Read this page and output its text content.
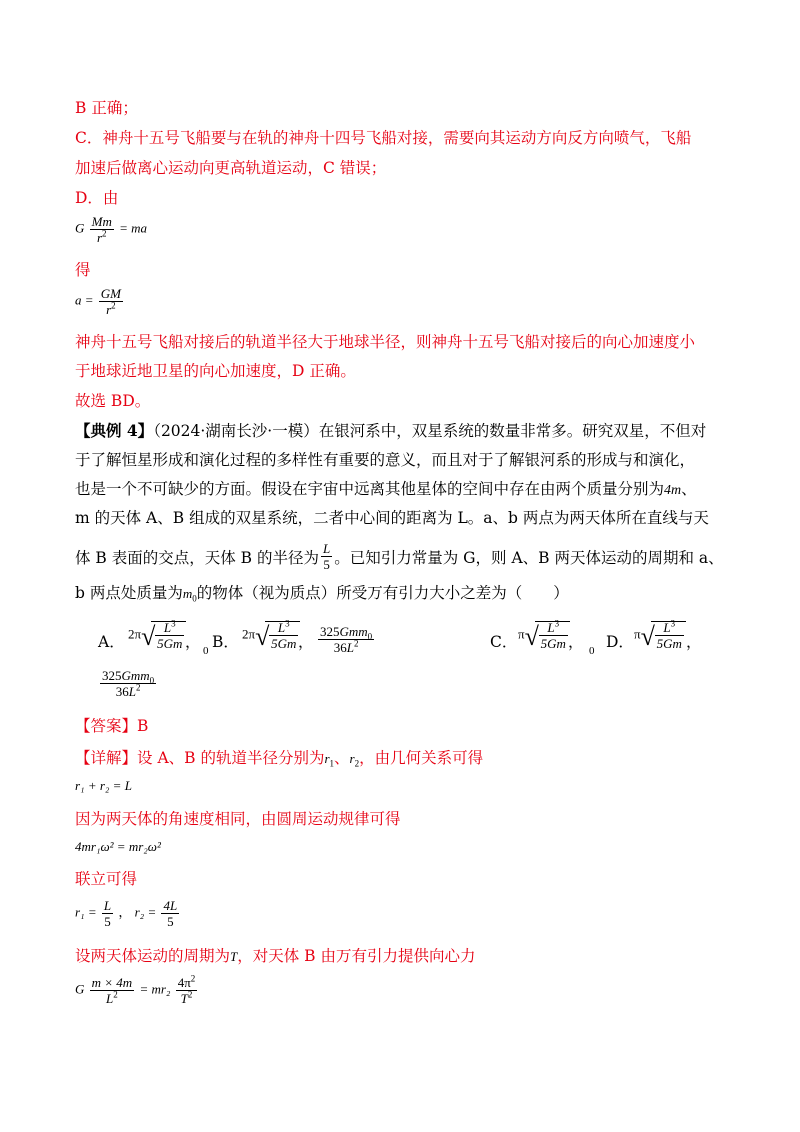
B 正确；
C．神舟十五号飞船要与在轨的神舟十四号飞船对接，需要向其运动方向反方向喷气，飞船
加速后做离心运动向更高轨道运动，C 错误；
D．由
G $\frac{Mm}{r^2}$ = ma
得
$a = \frac{GM}{r^2}$
神舟十五号飞船对接后的轨道半径大于地球半径，则神舟十五号飞船对接后的向心加速度小
于地球近地卫星的向心加速度，D 正确。
故选 BD。
【典例 4】（2024·湖南长沙·一模）在银河系中，双星系统的数量非常多。研究双星，不但对
于了解恒星形成和演化过程的多样性有重要的意义，而且对于了解银河系的形成与和演化，
也是一个不可缺少的方面。假设在宇宙中远离其他星体的空间中存在由两个质量分别为4m、
m 的天体 A、B 组成的双星系统，二者中心间的距离为 L。a、b 两点为两天体所在直线与天
体 B 表面的交点，天体 B 的半径为 $\frac{L}{5}$ 。已知引力常量为 G，则 A、B 两天体运动的周期和 a、
b 两点处质量为$m_0$的物体（视为质点）所受万有引力大小之差为（　　）
A． 2π √ $\frac{L^3}{5Gm}$ ， 0 B． 2π √ $\frac{L^3}{5Gm}$ ， $\frac{325Gmm_0}{36L^2}$	C． π √ $\frac{L^3}{5Gm}$ ， 0 D． π √ $\frac{L^3}{5Gm}$ ，
$\frac{325Gmm_0}{36L^2}$
【答案】B
【详解】设 A、B 的轨道半径分别为$r_1$、$r_2$，由几何关系可得
r₁ + r₂ = L
因为两天体的角速度相同，由圆周运动规律可得
4mr₁ω² = mr₂ω²
联立可得
$r_1 = \frac{L}{5}$ ， $r_2 = \frac{4L}{5}$
设两天体运动的周期为T，对天体 B 由万有引力提供向心力
G $\frac{m \times 4m}{L^2} = mr_2 \frac{4\pi^2}{T^2}$
